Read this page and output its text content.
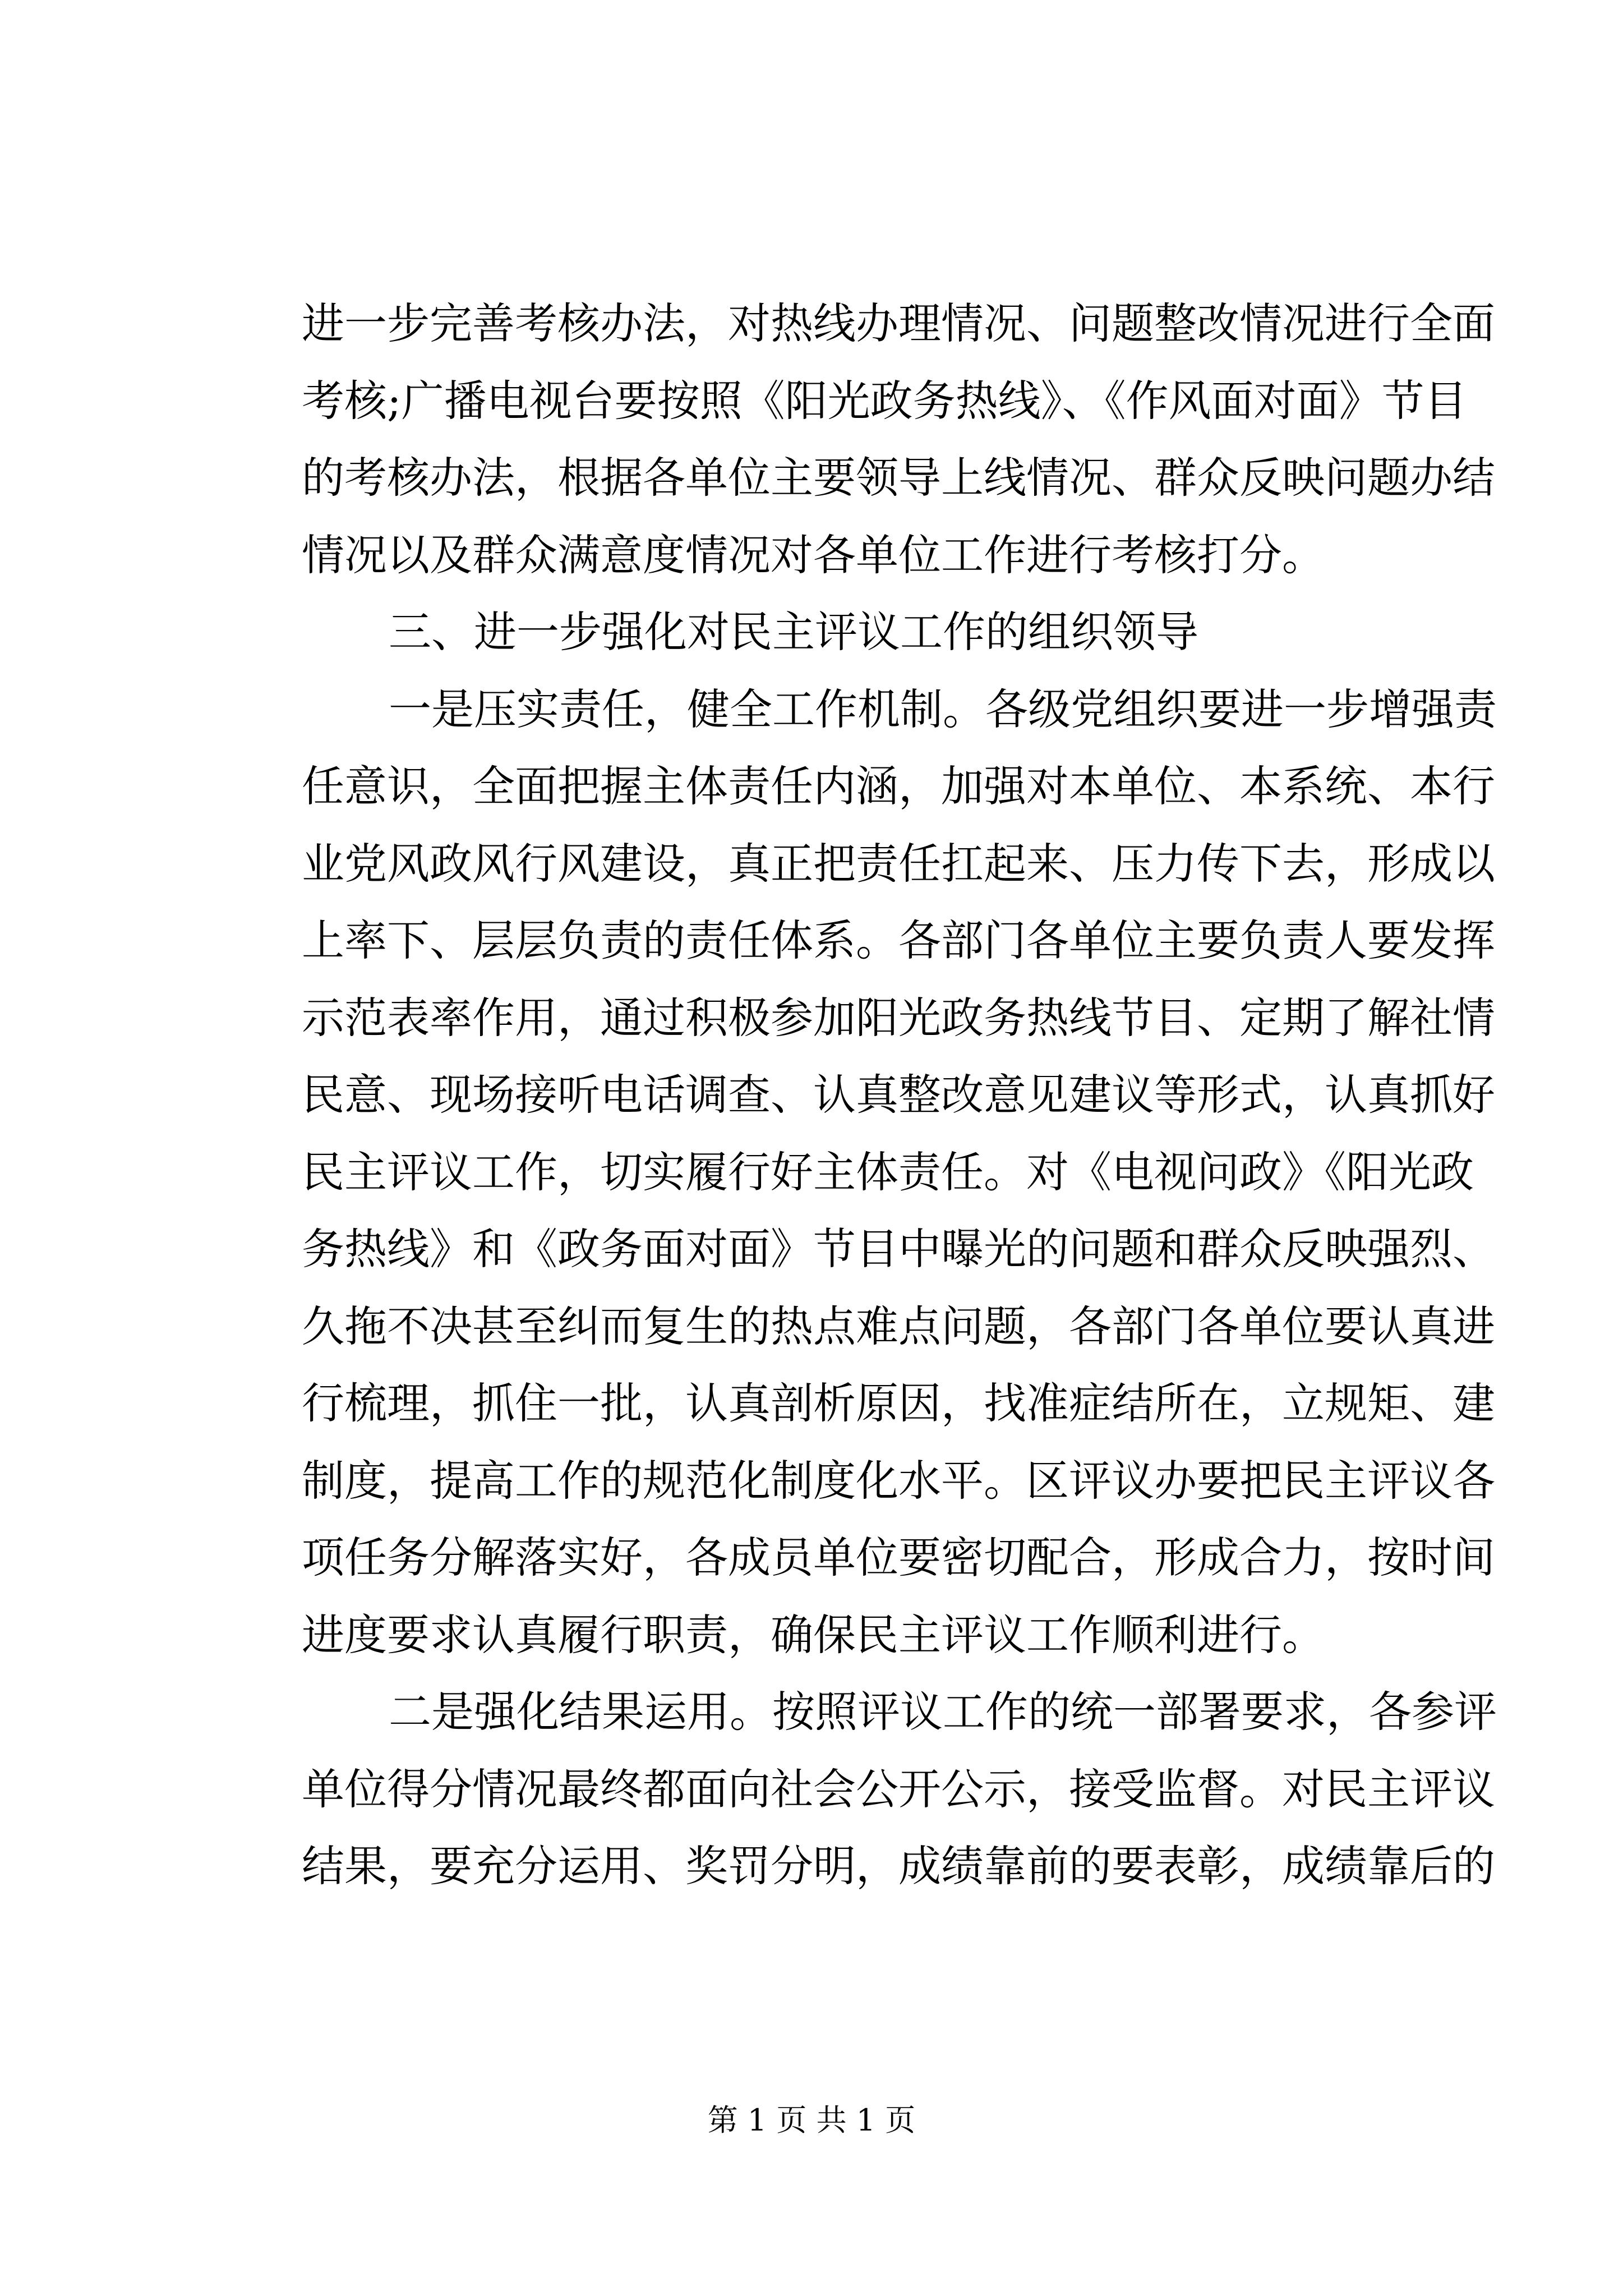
进一步完善考核办法，对热线办理情况、问题整改情况进行全面
考核;广播电视台要按照《阳光政务热线》、《作风面对面》节目
的考核办法，根据各单位主要领导上线情况、群众反映问题办结
情况以及群众满意度情况对各单位工作进行考核打分。
三、进一步强化对民主评议工作的组织领导
一是压实责任，健全工作机制。各级党组织要进一步增强责
任意识，全面把握主体责任内涵，加强对本单位、本系统、本行
业党风政风行风建设，真正把责任扛起来、压力传下去，形成以
上率下、层层负责的责任体系。各部门各单位主要负责人要发挥
示范表率作用，通过积极参加阳光政务热线节目、定期了解社情
民意、现场接听电话调查、认真整改意见建议等形式，认真抓好
民主评议工作，切实履行好主体责任。对《电视问政》《阳光政
务热线》和《政务面对面》节目中曝光的问题和群众反映强烈、
久拖不决甚至纠而复生的热点难点问题，各部门各单位要认真进
行梳理，抓住一批，认真剖析原因，找准症结所在，立规矩、建
制度，提高工作的规范化制度化水平。区评议办要把民主评议各
项任务分解落实好，各成员单位要密切配合，形成合力，按时间
进度要求认真履行职责，确保民主评议工作顺利进行。
二是强化结果运用。按照评议工作的统一部署要求，各参评
单位得分情况最终都面向社会公开公示，接受监督。对民主评议
结果，要充分运用、奖罚分明，成绩靠前的要表彰，成绩靠后的
第 1 页 共 1 页
